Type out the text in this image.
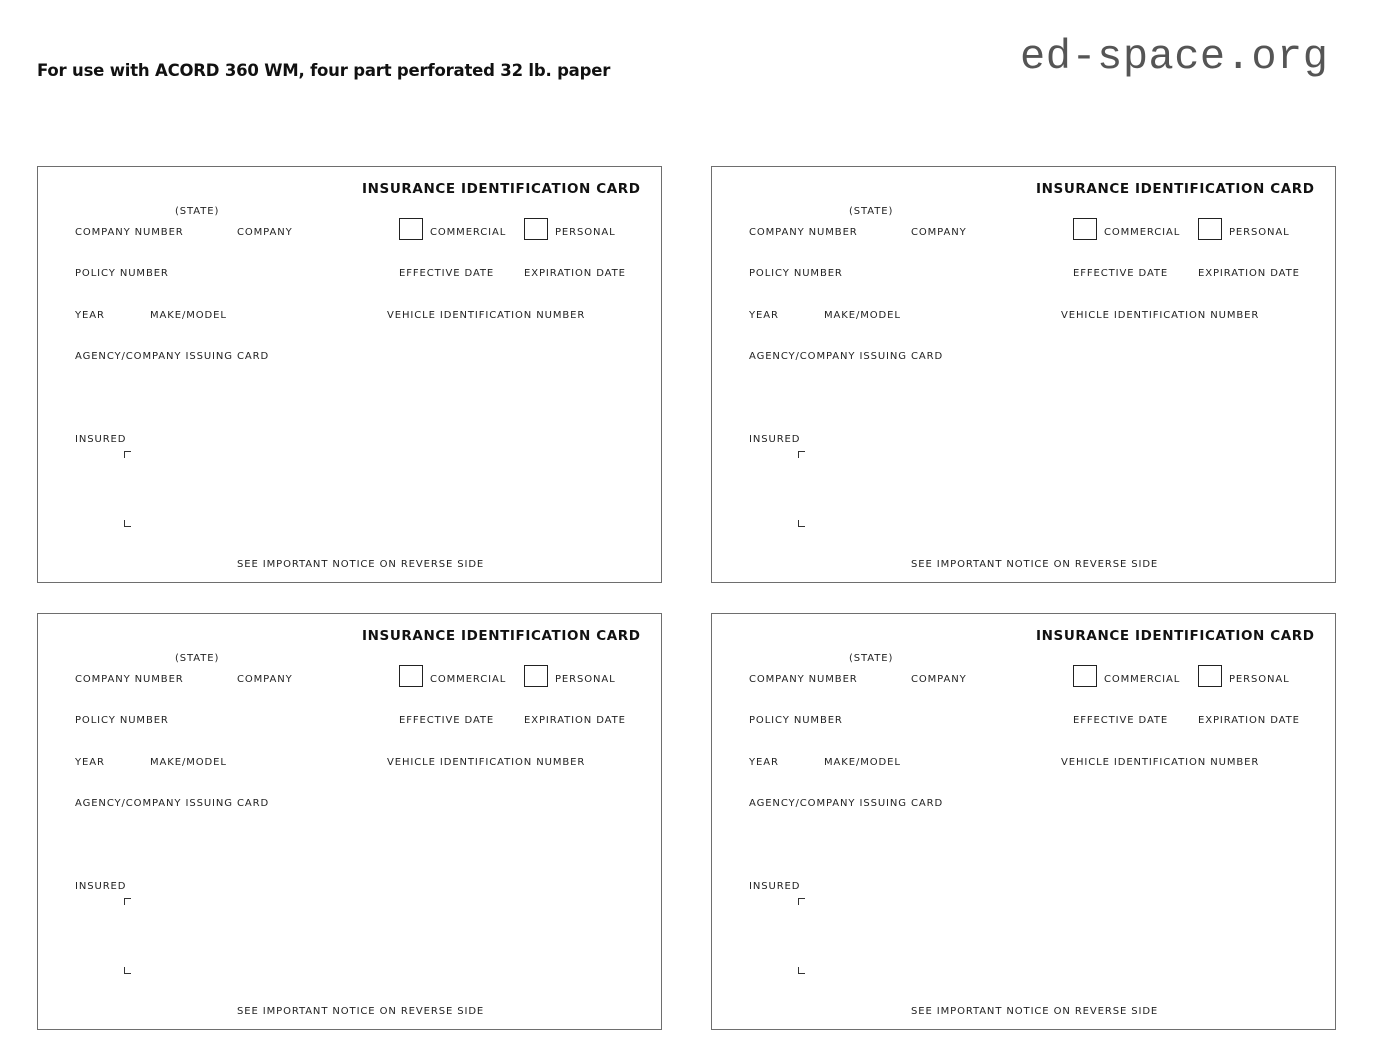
For use with ACORD 360 WM, four part perforated 32 lb. paper	ed-space.org
INSURANCE IDENTIFICATION CARD
(STATE)
COMPANY NUMBER	COMPANY	COMMERCIAL	PERSONAL
POLICY NUMBER	EFFECTIVE DATE	EXPIRATION DATE
YEAR	MAKE/MODEL	VEHICLE IDENTIFICATION NUMBER
AGENCY/COMPANY ISSUING CARD
INSURED
SEE IMPORTANT NOTICE ON REVERSE SIDE
INSURANCE IDENTIFICATION CARD
(STATE)
COMPANY NUMBER	COMPANY	COMMERCIAL	PERSONAL
POLICY NUMBER	EFFECTIVE DATE	EXPIRATION DATE
YEAR	MAKE/MODEL	VEHICLE IDENTIFICATION NUMBER
AGENCY/COMPANY ISSUING CARD
INSURED
SEE IMPORTANT NOTICE ON REVERSE SIDE
INSURANCE IDENTIFICATION CARD
(STATE)
COMPANY NUMBER	COMPANY	COMMERCIAL	PERSONAL
POLICY NUMBER	EFFECTIVE DATE	EXPIRATION DATE
YEAR	MAKE/MODEL	VEHICLE IDENTIFICATION NUMBER
AGENCY/COMPANY ISSUING CARD
INSURED
SEE IMPORTANT NOTICE ON REVERSE SIDE
INSURANCE IDENTIFICATION CARD
(STATE)
COMPANY NUMBER	COMPANY	COMMERCIAL	PERSONAL
POLICY NUMBER	EFFECTIVE DATE	EXPIRATION DATE
YEAR	MAKE/MODEL	VEHICLE IDENTIFICATION NUMBER
AGENCY/COMPANY ISSUING CARD
INSURED
SEE IMPORTANT NOTICE ON REVERSE SIDE
